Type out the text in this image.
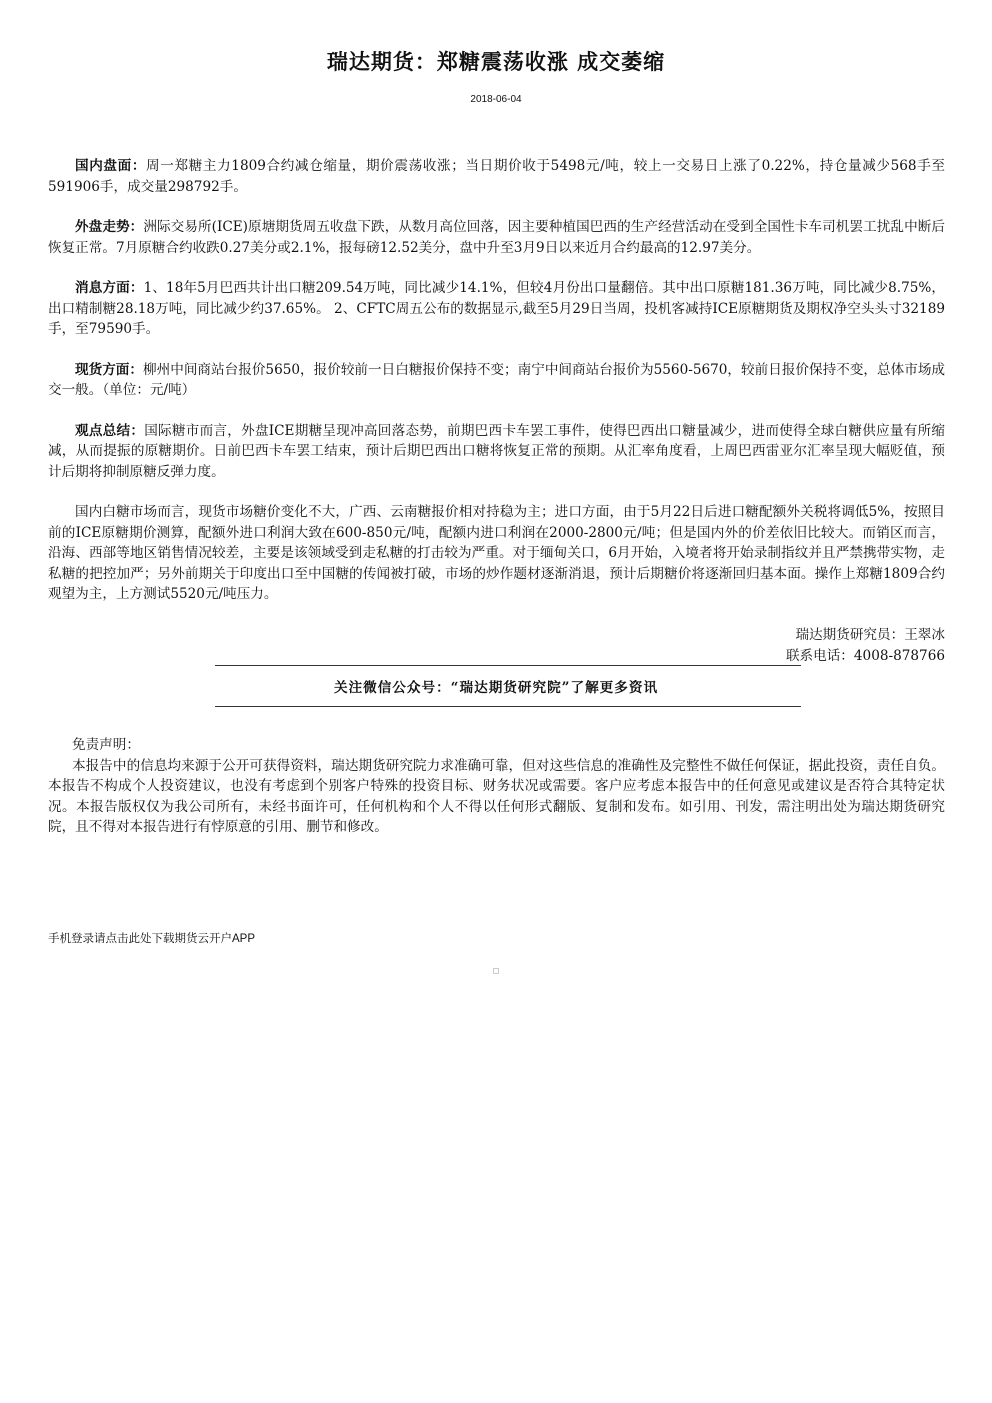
瑞达期货：郑糖震荡收涨 成交萎缩
2018-06-04

国内盘面：周一郑糖主力1809合约减仓缩量，期价震荡收涨；当日期价收于5498元/吨，较上一交易日上涨了0.22%，持仓量减少568手至591906手，成交量298792手。

外盘走势：洲际交易所(ICE)原塘期货周五收盘下跌，从数月高位回落，因主要种植国巴西的生产经营活动在受到全国性卡车司机罢工扰乱中断后恢复正常。7月原糖合约收跌0.27美分或2.1%，报每磅12.52美分，盘中升至3月9日以来近月合约最高的12.97美分。

消息方面：1、18年5月巴西共计出口糖209.54万吨，同比减少14.1%，但较4月份出口量翻倍。其中出口原糖181.36万吨，同比减少8.75%，出口精制糖28.18万吨，同比减少约37.65%。 2、CFTC周五公布的数据显示,截至5月29日当周，投机客减持ICE原糖期货及期权净空头头寸32189手，至79590手。

现货方面：柳州中间商站台报价5650，报价较前一日白糖报价保持不变；南宁中间商站台报价为5560-5670，较前日报价保持不变，总体市场成交一般。（单位：元/吨）

观点总结：国际糖市而言，外盘ICE期糖呈现冲高回落态势，前期巴西卡车罢工事件，使得巴西出口糖量减少，进而使得全球白糖供应量有所缩减，从而提振的原糖期价。日前巴西卡车罢工结束，预计后期巴西出口糖将恢复正常的预期。从汇率角度看，上周巴西雷亚尔汇率呈现大幅贬值，预计后期将抑制原糖反弹力度。

国内白糖市场而言，现货市场糖价变化不大，广西、云南糖报价相对持稳为主；进口方面，由于5月22日后进口糖配额外关税将调低5%，按照目前的ICE原糖期价测算，配额外进口利润大致在600-850元/吨，配额内进口利润在2000-2800元/吨；但是国内外的价差依旧比较大。而销区而言，沿海、西部等地区销售情况较差，主要是该领域受到走私糖的打击较为严重。对于缅甸关口，6月开始，入境者将开始录制指纹并且严禁携带实物，走私糖的把控加严；另外前期关于印度出口至中国糖的传闻被打破，市场的炒作题材逐渐消退，预计后期糖价将逐渐回归基本面。操作上郑糖1809合约观望为主，上方测试5520元/吨压力。

瑞达期货研究员：王翠冰
联系电话：4008-878766
关注微信公众号：“瑞达期货研究院”了解更多资讯
免责声明：
本报告中的信息均来源于公开可获得资料，瑞达期货研究院力求准确可靠，但对这些信息的准确性及完整性不做任何保证，据此投资，责任自负。本报告不构成个人投资建议，也没有考虑到个别客户特殊的投资目标、财务状况或需要。客户应考虑本报告中的任何意见或建议是否符合其特定状况。本报告版权仅为我公司所有，未经书面许可，任何机构和个人不得以任何形式翻版、复制和发布。如引用、刊发，需注明出处为瑞达期货研究院，且不得对本报告进行有悖原意的引用、删节和修改。
手机登录请点击此处下载期货云开户APP
